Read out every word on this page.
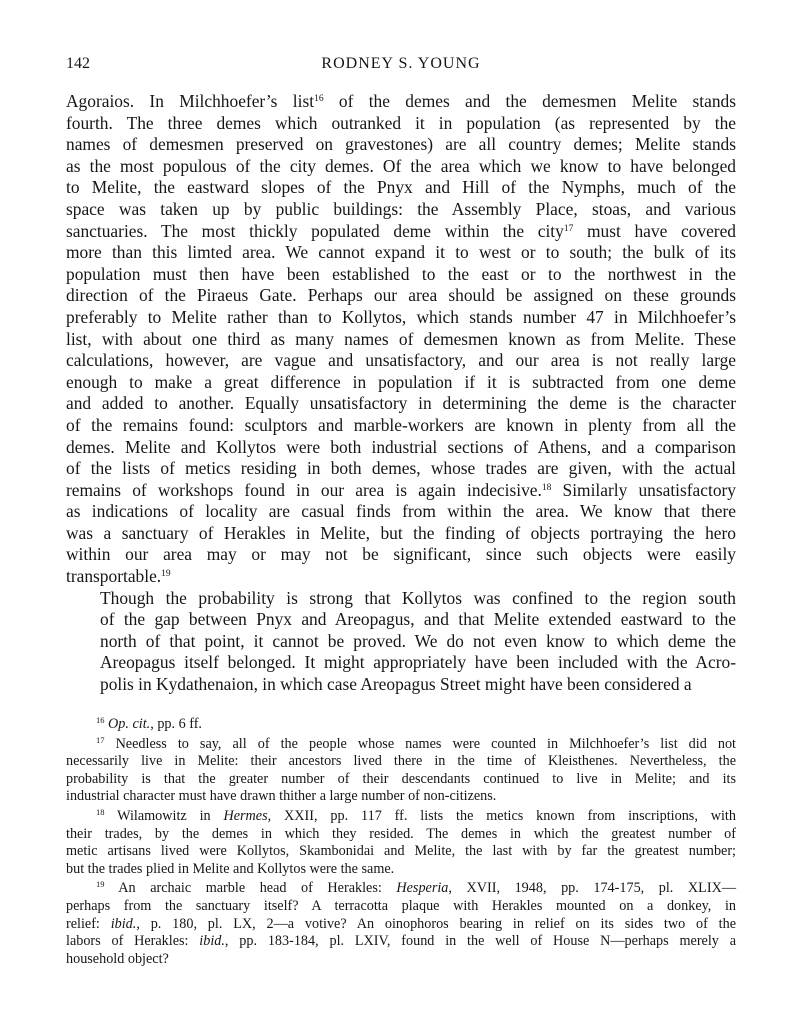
142	RODNEY S. YOUNG

Agoraios. In Milchhoefer’s list$^{16}$ of the demes and the demesmen Melite stands
fourth. The three demes which outranked it in population (as represented by the
names of demesmen preserved on gravestones) are all country demes; Melite stands
as the most populous of the city demes. Of the area which we know to have belonged
to Melite, the eastward slopes of the Pnyx and Hill of the Nymphs, much of the
space was taken up by public buildings: the Assembly Place, stoas, and various
sanctuaries. The most thickly populated deme within the city$^{17}$ must have covered
more than this limted area. We cannot expand it to west or to south; the bulk of its
population must then have been established to the east or to the northwest in the
direction of the Piraeus Gate. Perhaps our area should be assigned on these grounds
preferably to Melite rather than to Kollytos, which stands number 47 in Milchhoefer’s
list, with about one third as many names of demesmen known as from Melite. These
calculations, however, are vague and unsatisfactory, and our area is not really large
enough to make a great difference in population if it is subtracted from one deme
and added to another. Equally unsatisfactory in determining the deme is the character
of the remains found: sculptors and marble-workers are known in plenty from all the
demes. Melite and Kollytos were both industrial sections of Athens, and a comparison
of the lists of metics residing in both demes, whose trades are given, with the actual
remains of workshops found in our area is again indecisive.$^{18}$ Similarly unsatisfactory
as indications of locality are casual finds from within the area. We know that there
was a sanctuary of Herakles in Melite, but the finding of objects portraying the hero
within our area may or may not be significant, since such objects were easily
transportable.$^{19}$

Though the probability is strong that Kollytos was confined to the region south
of the gap between Pnyx and Areopagus, and that Melite extended eastward to the
north of that point, it cannot be proved. We do not even know to which deme the
Areopagus itself belonged. It might appropriately have been included with the Acro-
polis in Kydathenaion, in which case Areopagus Street might have been considered a

$^{16}$ Op. cit., pp. 6 ff.
$^{17}$ Needless to say, all of the people whose names were counted in Milchhoefer’s list did not
necessarily live in Melite: their ancestors lived there in the time of Kleisthenes. Nevertheless, the
probability is that the greater number of their descendants continued to live in Melite; and its
industrial character must have drawn thither a large number of non-citizens.
$^{18}$ Wilamowitz in Hermes, XXII, pp. 117 ff. lists the metics known from inscriptions, with
their trades, by the demes in which they resided. The demes in which the greatest number of
metic artisans lived were Kollytos, Skambonidai and Melite, the last with by far the greatest number;
but the trades plied in Melite and Kollytos were the same.
$^{19}$ An archaic marble head of Herakles: Hesperia, XVII, 1948, pp. 174-175, pl. XLIX—
perhaps from the sanctuary itself? A terracotta plaque with Herakles mounted on a donkey, in
relief: ibid., p. 180, pl. LX, 2—a votive? An oinophoros bearing in relief on its sides two of the
labors of Herakles: ibid., pp. 183-184, pl. LXIV, found in the well of House N—perhaps merely a
household object?
